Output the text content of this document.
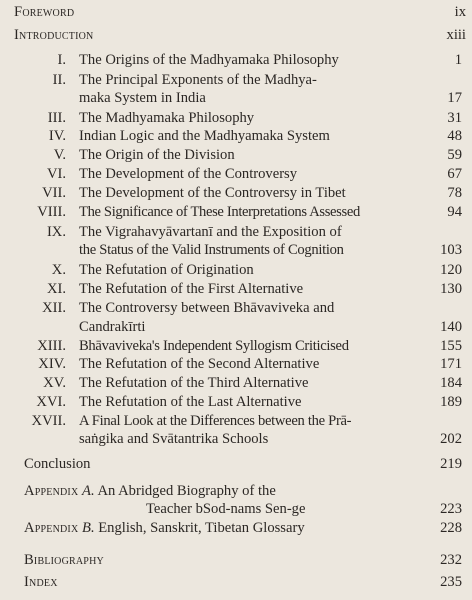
Foreword	ix
Introduction	xiii
I. The Origins of the Madhyamaka Philosophy	1
II. The Principal Exponents of the Madhya-
maka System in India	17
III. The Madhyamaka Philosophy	31
IV. Indian Logic and the Madhyamaka System	48
V. The Origin of the Division	59
VI. The Development of the Controversy	67
VII. The Development of the Controversy in Tibet	78
VIII. The Significance of These Interpretations Assessed	94
IX. The Vigrahavyāvartanī and the Exposition of
the Status of the Valid Instruments of Cognition	103
X. The Refutation of Origination	120
XI. The Refutation of the First Alternative	130
XII. The Controversy between Bhāvaviveka and
Candrakīrti	140
XIII. Bhāvaviveka's Independent Syllogism Criticised	155
XIV. The Refutation of the Second Alternative	171
XV. The Refutation of the Third Alternative	184
XVI. The Refutation of the Last Alternative	189
XVII. A Final Look at the Differences between the Prā-
saṅgika and Svātantrika Schools	202
Conclusion	219
Appendix A. An Abridged Biography of the
Teacher bSod-nams Sen-ge	223
Appendix B. English, Sanskrit, Tibetan Glossary	228
Bibliography	232
Index	235
